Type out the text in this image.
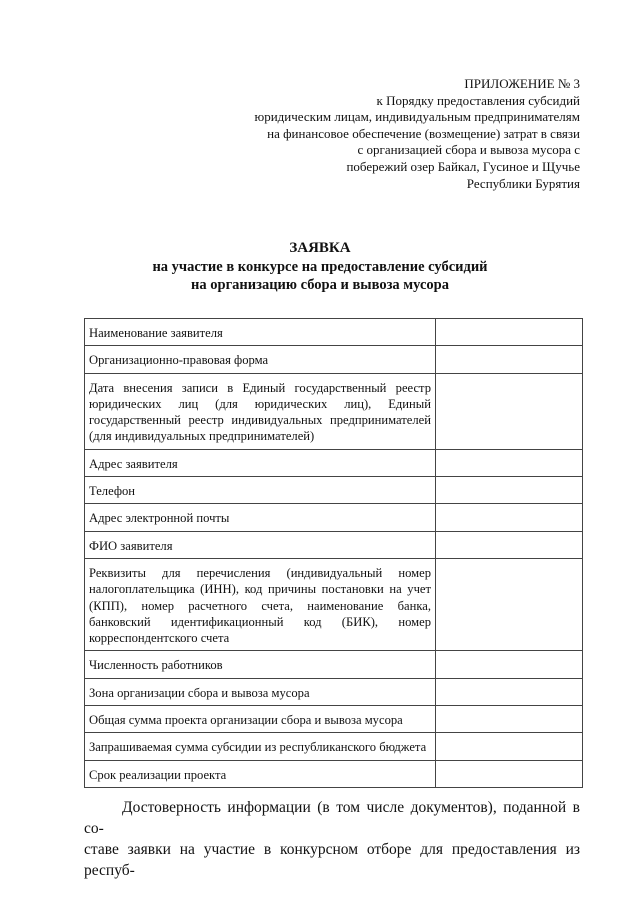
ПРИЛОЖЕНИЕ № 3
к Порядку предоставления субсидий
юридическим лицам, индивидуальным предпринимателям
на финансовое обеспечение (возмещение) затрат в связи
с организацией сбора и вывоза мусора с
побережий озер Байкал, Гусиное и Щучье
Республики Бурятия
ЗАЯВКА
на участие в конкурсе на предоставление субсидий
на организацию сбора и вывоза мусора
Наименование заявителя	
Организационно-правовая форма	
Дата внесения записи в Единый государственный реестр юридических лиц (для юридических лиц), Единый государственный реестр индивидуальных предпринимателей (для индивидуальных предпринимателей)	
Адрес заявителя	
Телефон	
Адрес электронной почты	
ФИО заявителя	
Реквизиты для перечисления (индивидуальный номер налогоплательщика (ИНН), код причины постановки на учет (КПП), номер расчетного счета, наименование банка, банковский идентификационный код (БИК), номер корреспондентского счета	
Численность работников	
Зона организации сбора и вывоза мусора	
Общая сумма проекта организации сбора и вывоза мусора	
Запрашиваемая сумма субсидии из республиканского бюджета	
Срок реализации проекта	
Достоверность информации (в том числе документов), поданной в со-
ставе заявки на участие в конкурсном отборе для предоставления из респуб-
